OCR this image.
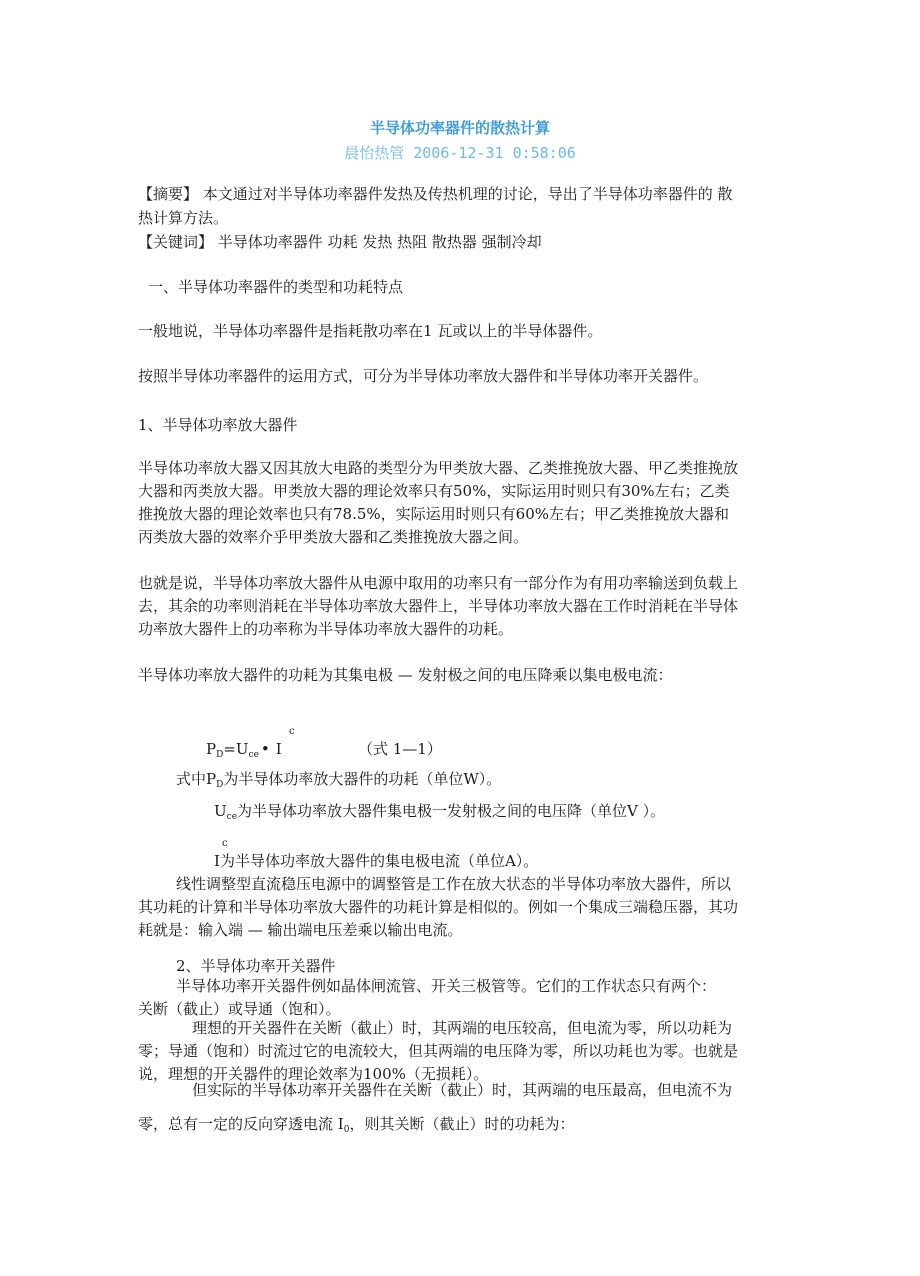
半导体功率器件的散热计算
晨怡热管 2006-12-31 0:58:06
【摘要】 本文通过对半导体功率器件发热及传热机理的讨论，导出了半导体功率器件的 散
热计算方法。
【关键词】 半导体功率器件 功耗 发热 热阻 散热器 强制冷却
一、半导体功率器件的类型和功耗特点
一般地说，半导体功率器件是指耗散功率在1 瓦或以上的半导体器件。
按照半导体功率器件的运用方式，可分为半导体功率放大器件和半导体功率开关器件。
1、半导体功率放大器件
半导体功率放大器又因其放大电路的类型分为甲类放大器、乙类推挽放大器、甲乙类推挽放
大器和丙类放大器。甲类放大器的理论效率只有50%，实际运用时则只有30%左右；乙类
推挽放大器的理论效率也只有78.5%，实际运用时则只有60%左右；甲乙类推挽放大器和
丙类放大器的效率介乎甲类放大器和乙类推挽放大器之间。
也就是说，半导体功率放大器件从电源中取用的功率只有一部分作为有用功率输送到负载上
去，其余的功率则消耗在半导体功率放大器件上，半导体功率放大器在工作时消耗在半导体
功率放大器件上的功率称为半导体功率放大器件的功耗。
半导体功率放大器件的功耗为其集电极 — 发射极之间的电压降乘以集电极电流：
c
$P_D=U_{ce}$ • I	（式 1—1）
式中$P_D$为半导体功率放大器件的功耗（单位W）。
$U_{ce}$为半导体功率放大器件集电极一发射极之间的电压降（单位V ）。
c
I为半导体功率放大器件的集电极电流（单位A）。
线性调整型直流稳压电源中的调整管是工作在放大状态的半导体功率放大器件，所以
其功耗的计算和半导体功率放大器件的功耗计算是相似的。例如一个集成三端稳压器，其功
耗就是：输入端 — 输出端电压差乘以输出电流。
2、半导体功率开关器件
半导体功率开关器件例如晶体闸流管、开关三极管等。它们的工作状态只有两个：
关断（截止）或导通（饱和）。
理想的开关器件在关断（截止）时，其两端的电压较高，但电流为零，所以功耗为
零；导通（饱和）时流过它的电流较大，但其两端的电压降为零，所以功耗也为零。也就是
说，理想的开关器件的理论效率为100%（无损耗）。
但实际的半导体功率开关器件在关断（截止）时，其两端的电压最高，但电流不为
零，总有一定的反向穿透电流 $I_0$，则其关断（截止）时的功耗为：
